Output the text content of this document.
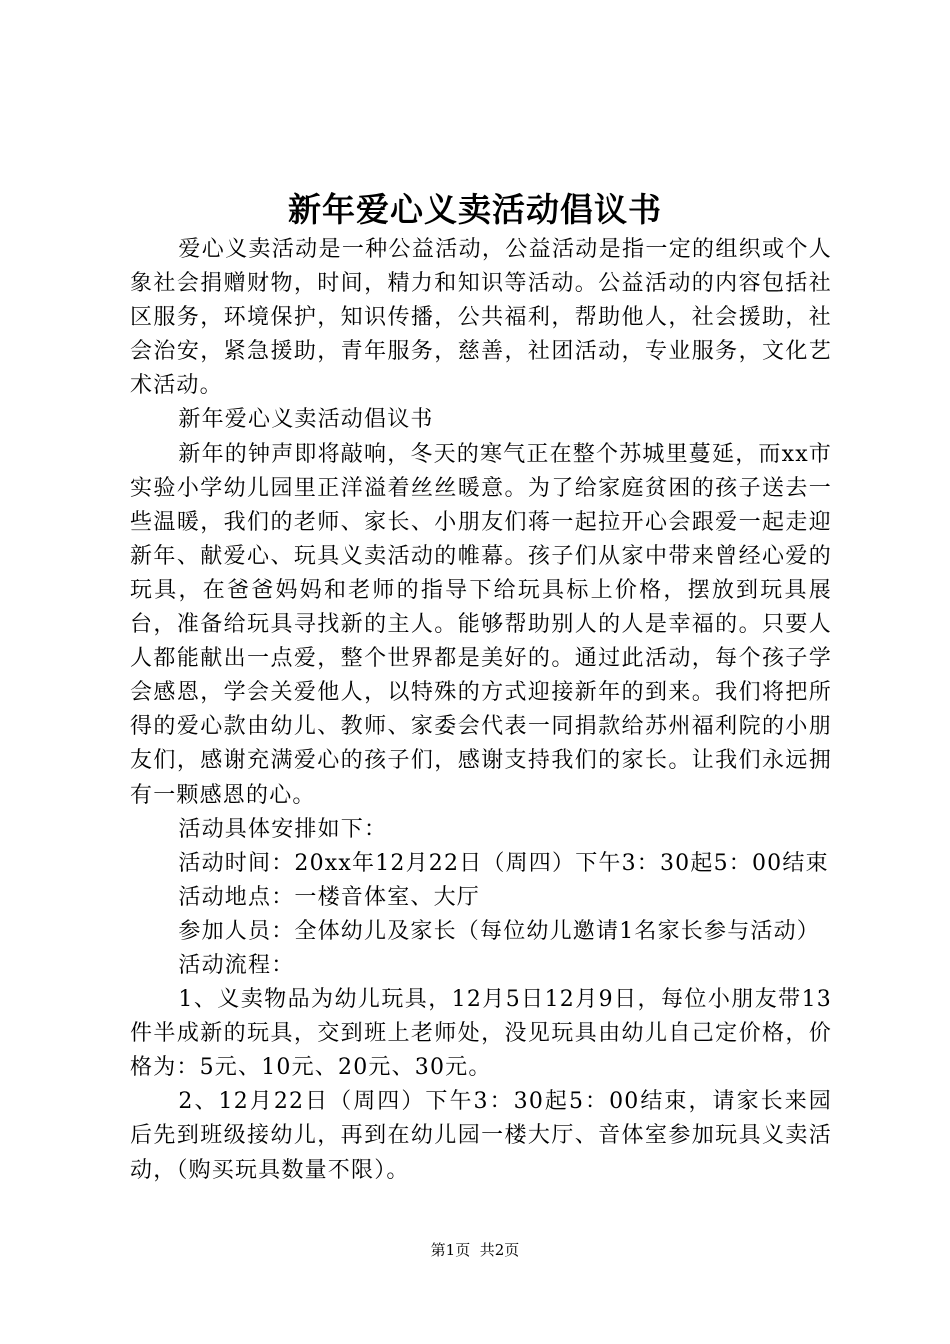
新年爱心义卖活动倡议书

爱心义卖活动是一种公益活动，公益活动是指一定的组织或个人象社会捐赠财物，时间，精力和知识等活动。公益活动的内容包括社区服务，环境保护，知识传播，公共福利，帮助他人，社会援助，社会治安，紧急援助，青年服务，慈善，社团活动，专业服务，文化艺术活动。

新年爱心义卖活动倡议书

新年的钟声即将敲响，冬天的寒气正在整个苏城里蔓延，而xx市实验小学幼儿园里正洋溢着丝丝暖意。为了给家庭贫困的孩子送去一些温暖，我们的老师、家长、小朋友们蒋一起拉开心会跟爱一起走迎新年、献爱心、玩具义卖活动的帷幕。孩子们从家中带来曾经心爱的玩具，在爸爸妈妈和老师的指导下给玩具标上价格，摆放到玩具展台，准备给玩具寻找新的主人。能够帮助别人的人是幸福的。只要人人都能献出一点爱，整个世界都是美好的。通过此活动，每个孩子学会感恩，学会关爱他人，以特殊的方式迎接新年的到来。我们将把所得的爱心款由幼儿、教师、家委会代表一同捐款给苏州福利院的小朋友们，感谢充满爱心的孩子们，感谢支持我们的家长。让我们永远拥有一颗感恩的心。

活动具体安排如下：

活动时间：20xx年12月22日（周四）下午3：30起5：00结束

活动地点：一楼音体室、大厅

参加人员：全体幼儿及家长（每位幼儿邀请1名家长参与活动）

活动流程：

1、义卖物品为幼儿玩具，12月5日12月9日，每位小朋友带13件半成新的玩具，交到班上老师处，没见玩具由幼儿自己定价格，价格为：5元、10元、20元、30元。

2、12月22日（周四）下午3：30起5：00结束，请家长来园后先到班级接幼儿，再到在幼儿园一楼大厅、音体室参加玩具义卖活动，（购买玩具数量不限）。

第1页 共2页
